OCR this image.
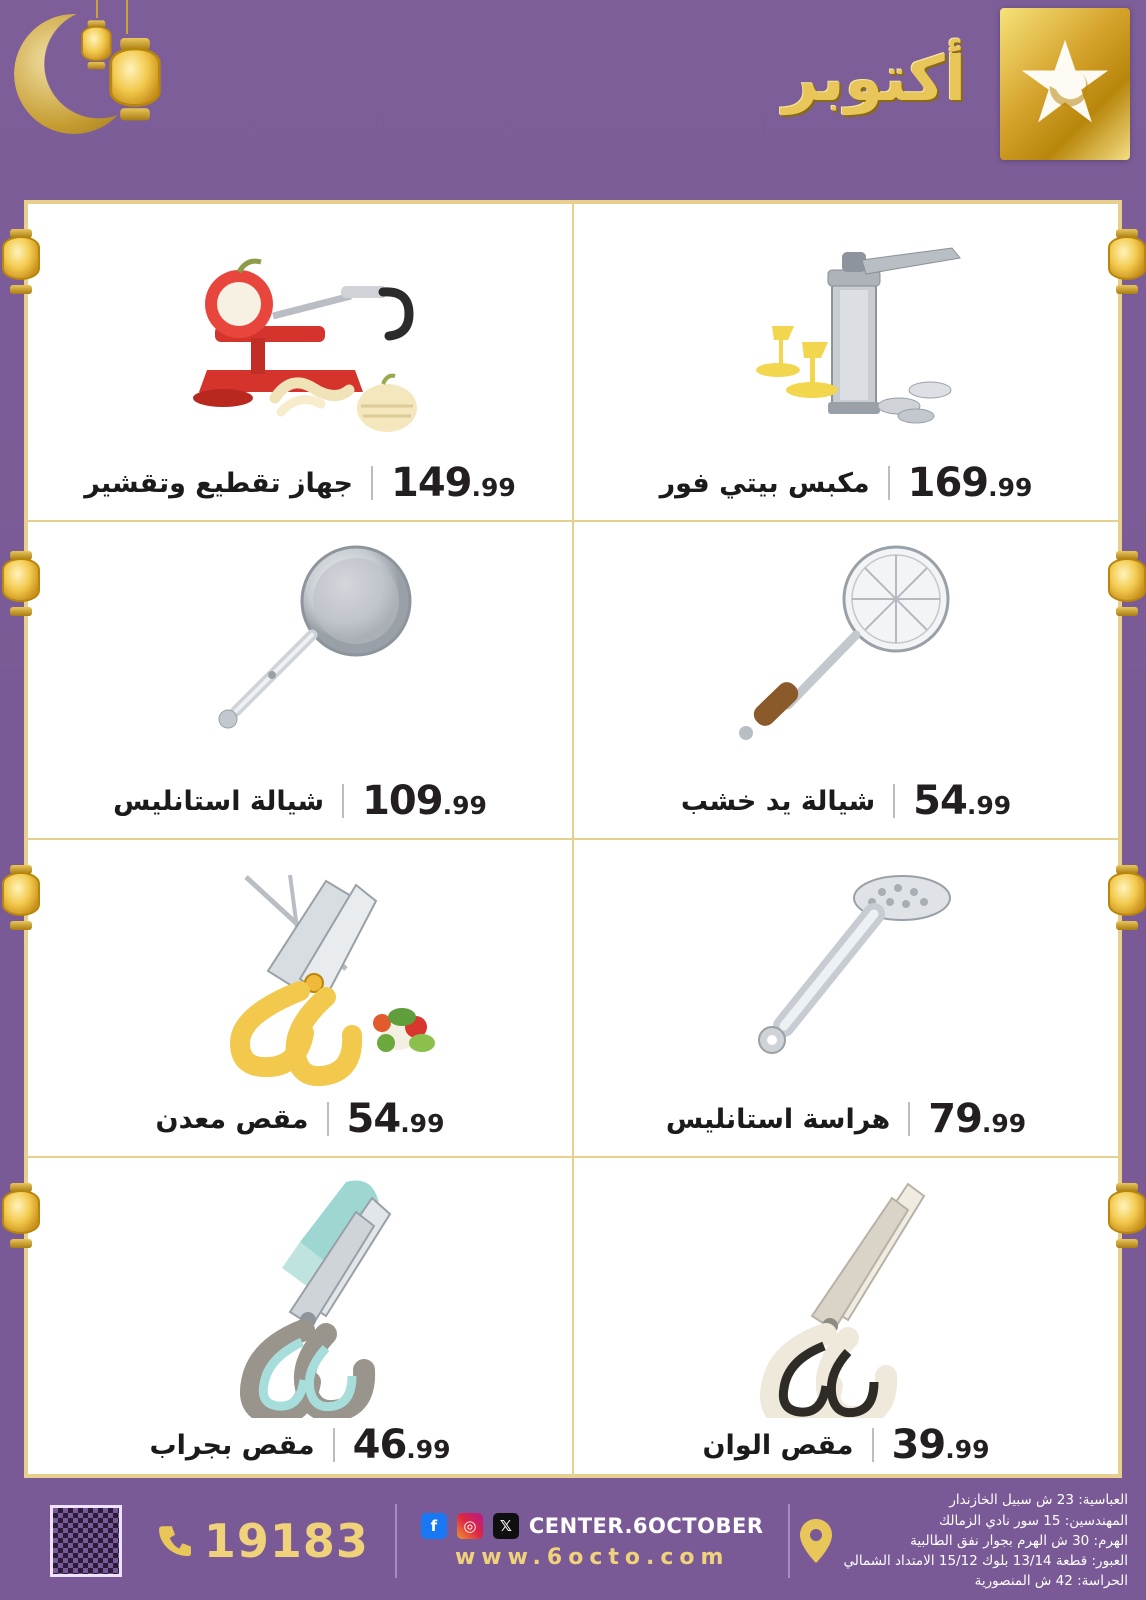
أكتوبر
169.99
مكبس بيتي فور
149.99
جهاز تقطيع وتقشير
54.99
شيالة يد خشب
109.99
شيالة استانليس
79.99
هراسة استانليس
54.99
مقص معدن
39.99
مقص الوان
46.99
مقص بجراب
العباسية: 23 ش سبيل الخازندار
المهندسين: 15 سور نادي الزمالك
الهرم: 30 ش الهرم بجوار نفق الطالبية
العبور: قطعة 13/14 بلوك 15/12 الامتداد الشمالي
الحراسة: 42 ش المنصورية
CENTER.6OCTOBER
𝕏
◎
f
www.6octo.com
19183
